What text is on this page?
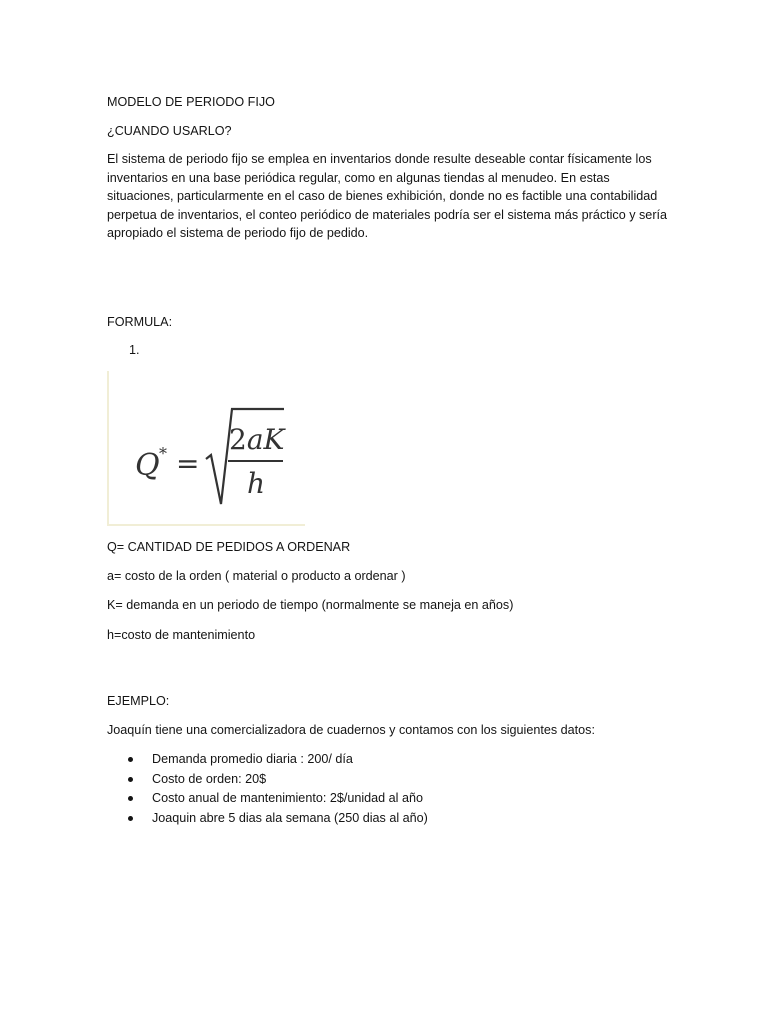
MODELO DE PERIODO FIJO
¿CUANDO USARLO?
El sistema de periodo fijo se emplea en inventarios donde resulte deseable contar físicamente los inventarios en una base periódica regular, como en algunas tiendas al menudeo. En estas situaciones, particularmente en el caso de bienes exhibición, donde no es factible una contabilidad perpetua de inventarios, el conteo periódico de materiales podría ser el sistema más práctico y sería apropiado el sistema de periodo fijo de pedido.
FORMULA:
1.
Q * =
2aK
h
Q= CANTIDAD DE PEDIDOS A ORDENAR
a= costo de la orden ( material o producto a ordenar )
K= demanda en un periodo de tiempo (normalmente se maneja en años)
h=costo de mantenimiento
EJEMPLO:
Joaquín tiene una comercializadora de cuadernos y contamos con los siguientes datos:
Demanda promedio diaria : 200/ día
Costo de orden: 20$
Costo anual de mantenimiento: 2$/unidad al año
Joaquin abre 5 dias ala semana (250 dias al año)
